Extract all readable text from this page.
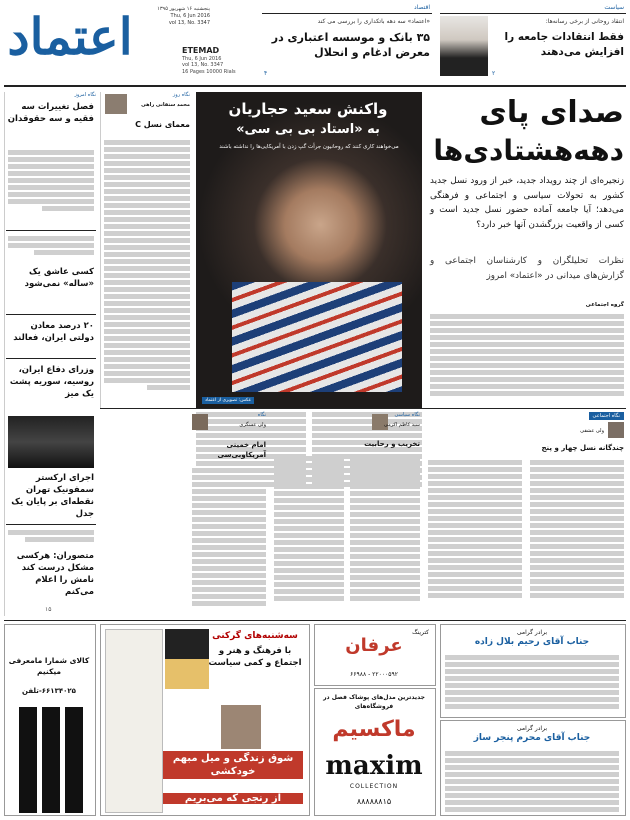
اعتماد	پنجشنبه ۱۶ شهریور ۱۳۹۵
Thu, 6 Jun 2016
vol 13, No. 3347
ETEMAD
Thu, 6 Jun 2016
vol 13, No. 3347
16 Pages 10000 Rials
اقتصاد
«اعتماد» سه دهه باتکداری را بررسی می کند
۳۵ بانک و موسسه اعتباری در معرض ادغام و انحلال
۴
سیاست
انتقاد روحانی از برخی رسانه‌ها:
فقط انتقادات جامعه را افزایش می‌دهند
۲
نگاه امروز
فصل تغییرات سه فقیه و سه حقوقدان
کسی عاشق یک «ساله» نمی‌شود
۲۰ درصد معادن دولتی ایران، فعالند
وزرای دفاع ایران، روسیه، سوریه پشت یک میز
اجرای ارکستر سمفونیک تهران نقطه‌ای بر پایان یک جدل
متصوران: هرکسی مشکل درست کند نامش را اعلام می‌کنم
۱۵
نگاه روز
محمد ستفانی راهی
معمای نسل C
واکنش سعید حجاریان
به «استاد بی بی سی»
می‌خواهند کاری کنند که روحانیون جرأت گپ زدن با آمریکایی‌ها را نداشته باشند
عکس: تصویری از اعتماد
صدای پای
دهه‌هشتادی‌ها
زنجیره‌ای از چند رویداد جدید، خبر از ورود نسل جدید کشور به تحولات سیاسی و اجتماعی و فرهنگی می‌دهد؛ آیا جامعه آماده حضور نسل جدید است و کسی از واقعیت بزرگشدن آنها خبر دارد؟
نظرات تحلیلگران و کارشناسان اجتماعی و گزارش‌های میدانی در «اعتماد» امروز
گروه اجتماعی
نگاه
ولی عسگری
امام خمینی آمریکاوبی‌سی
نگاه سیاسی
سید کاظم اکرمی
تخریب و رحابیت
نگاه اجتماعی
ولی عشقی
چندگانه نسل چهار و پنج
کالای شمارا مامعرفی میکنیم
۶۶۱۳۴۰۲۵-تلفن
سه‌شنبه‌های گرکنی
با فرهنگ و هنر و اجتماع و کمی سیاست
شوق زندگی و میل مبهم خودکشی
از رنجی که می‌بریم
کترینگ
عرفان
۲۲۰۰۰۵۹۲ - ۶۶۹۸۸
جدیدترین مدل‌های پوشاک فصل در فروشگاه‌های
ماکسیم
maxim
COLLECTION
۸۸۸۸۸۸۱۵
برادر گرامی
جناب آقای رحیم بلال زاده
برادر گرامی
جناب آقای محرم پنجر ساز
